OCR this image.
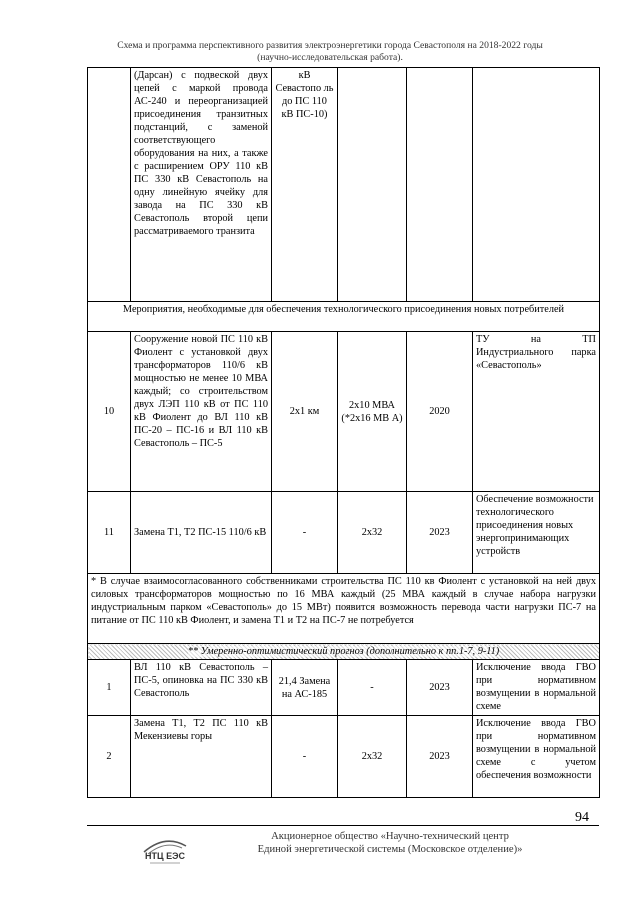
Схема и программа перспективного развития электроэнергетики города Севастополя на 2018-2022 годы
(научно-исследовательская работа).
	(Дарсан) с подвеской двух цепей с маркой провода АС-240 и переорганизацией присоединения транзитных подстанций, с заменой соответствующего оборудования на них, а также с расширением ОРУ 110 кВ ПС 330 кВ Севастополь на одну линейную ячейку для завода на ПС 330 кВ Севастополь второй цепи рассматриваемого транзита	кВ Севастопо ль до ПС 110 кВ ПС-10)			
Мероприятия, необходимые для обеспечения технологического присоединения новых потребителей					
10	Сооружение новой ПС 110 кВ Фиолент с установкой двух трансформаторов 110/6 кВ мощностью не менее 10 МВА каждый; со строительством двух ЛЭП 110 кВ от ПС 110 кВ Фиолент до ВЛ 110 кВ ПС-20 – ПС-16 и ВЛ 110 кВ Севастополь – ПС-5	2х1 км	2х10 МВА (*2х16 МВ А)	2020	ТУ на ТП Индустриального парка «Севастополь»
11	Замена Т1, Т2 ПС-15 110/6 кВ	-	2х32	2023	Обеспечение возможности технологического присоединения новых энергопринимающих устройств
* В случае взаимосогласованного собственниками строительства ПС 110 кв Фиолент с установкой на ней двух силовых трансформаторов мощностью по 16 МВА каждый (25 МВА каждый в случае набора нагрузки индустриальным парком «Севастополь» до 15 МВт) появится возможность перевода части нагрузки ПС-7 на питание от ПС 110 кВ Фиолент, и замена Т1 и Т2 на ПС-7 не потребуется					
** Умеренно-оптимистический прогноз (дополнительно к пп.1-7, 9-11)					
1	ВЛ 110 кВ Севастополь – ПС-5, опиновка на ПС 330 кВ Севастополь	21,4 Замена на АС-185	-	2023	Исключение ввода ГВО при нормативном возмущении в нормальной схеме
2	Замена Т1, Т2 ПС 110 кВ Мекензиевы горы	-	2х32	2023	Исключение ввода ГВО при нормативном возмущении в нормальной схеме с учетом обеспечения возможности
94
НТЦ ЕЭС
Акционерное общество «Научно-технический центр
Единой энергетической системы (Московское отделение)»
